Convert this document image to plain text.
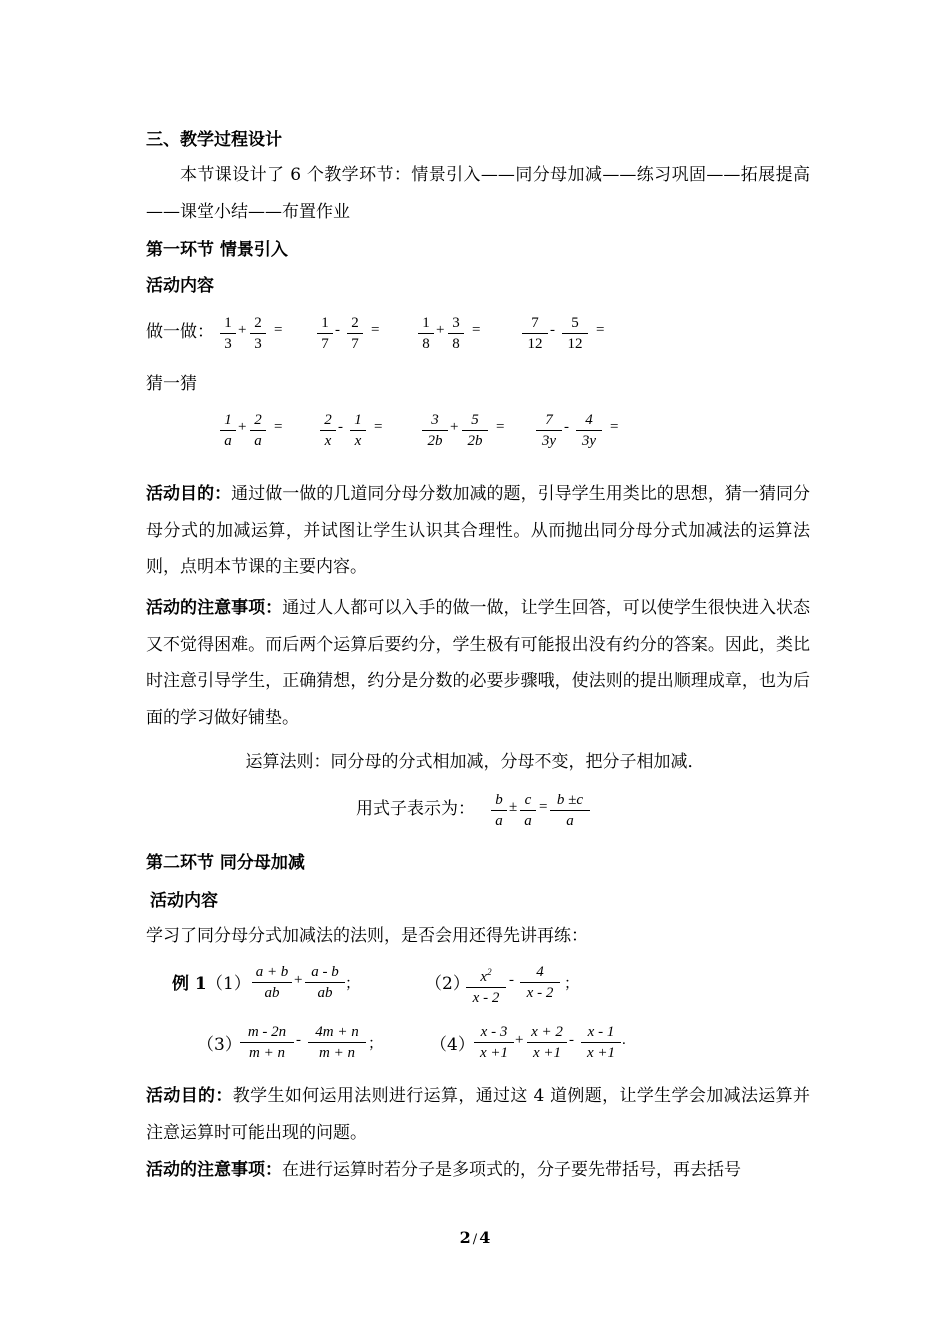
三、教学过程设计
本节课设计了 6 个教学环节：情景引入——同分母加减——练习巩固——拓展提高——课堂小结——布置作业
第一环节 情景引入
活动内容
做一做： 1
3
+ 2
3
=	1
7
- 2
7
=	1
8
+ 3
8
=	7
12
-	5
12
=
猜一猜
1
a
+ 2
a
=	2
x
- 1
x
=	3
2b
+ 5
2b
=	7
3y
-	4
3y
=
活动目的：通过做一做的几道同分母分数加减的题，引导学生用类比的思想，猜一猜同分母分式的加减运算，并试图让学生认识其合理性。从而抛出同分母分式加减法的运算法则，点明本节课的主要内容。
活动的注意事项：通过人人都可以入手的做一做，让学生回答，可以使学生很快进入状态又不觉得困难。而后两个运算后要约分，学生极有可能报出没有约分的答案。因此，类比时注意引导学生，正确猜想，约分是分数的必要步骤哦，使法则的提出顺理成章，也为后面的学习做好铺垫。
运算法则：同分母的分式相加减，分母不变，把分子相加减．
用式子表示为： b
a
± c
a
= b ±c
a
第二环节 同分母加减
活动内容
学习了同分母分式加减法的法则，是否会用还得先讲再练：
例 1 （1）
a + b
ab
+ a - b
ab
；	（2） $x^2$
x - 2
-	4
x - 2
；
（3）
m - 2n
m + n
- 4m + n
m + n
；	（4）
x - 3
x +1
+ x + 2
x +1
- x - 1
x +1
.
活动目的：教学生如何运用法则进行运算，通过这 4 道例题，让学生学会加减法运算并注意运算时可能出现的问题。
活动的注意事项：在进行运算时若分子是多项式的，分子要先带括号，再去括号
2 / 4
